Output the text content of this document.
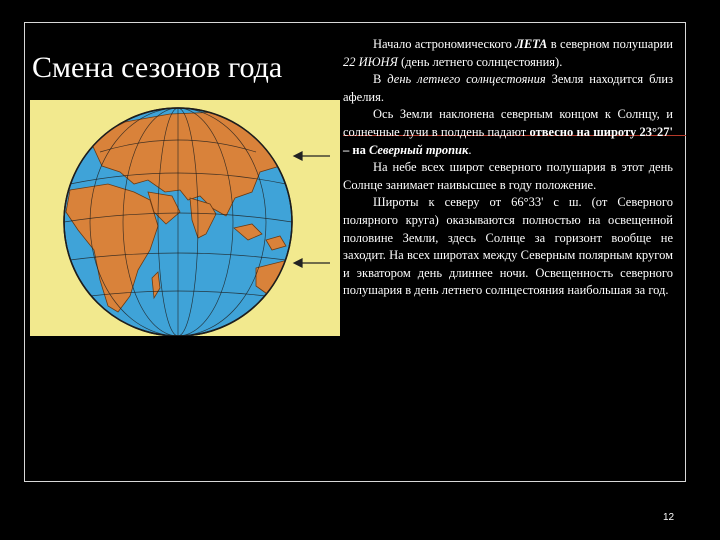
Смена сезонов года

Начало астрономического ЛЕТА в северном полушарии 22 ИЮНЯ (день летнего солнцестояния).

В день летнего солнцестояния Земля находится близ афелия.

Ось Земли наклонена северным концом к Солнцу, и солнечные лучи в полдень падают отвесно на широту 23°27' – на Северный тропик.

На небе всех широт северного полушария в этот день Солнце занимает наивысшее в году положение.

Широты к северу от 66°33' с ш. (от Северного полярного круга) оказываются полностью на освещенной половине Земли, здесь Солнце за горизонт вообще не заходит. На всех широтах между Северным полярным кругом и экватором день длиннее ночи. Освещенность северного полушария в день летнего солнцестояния наибольшая за год.

12
